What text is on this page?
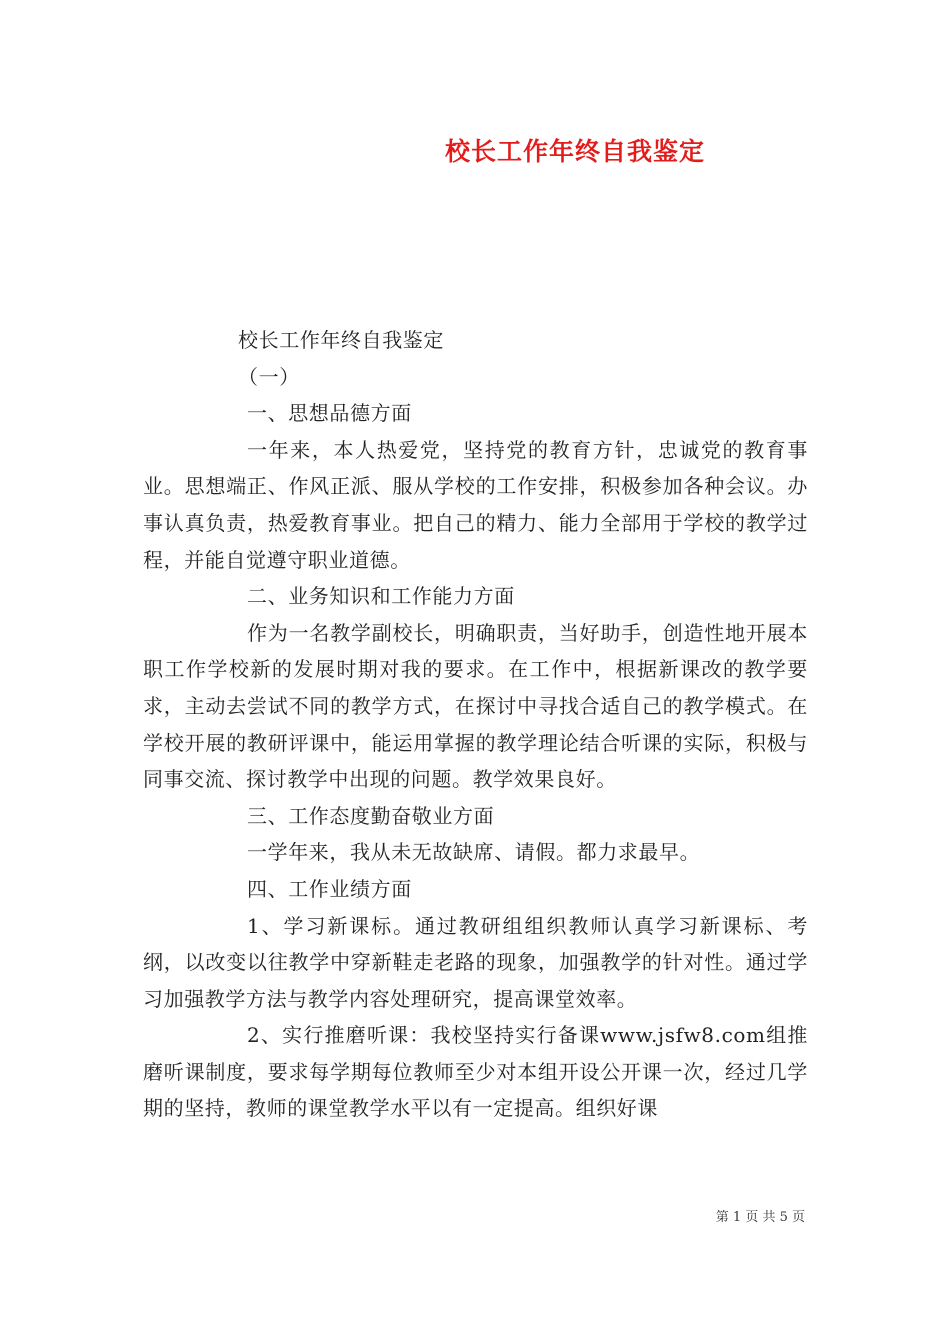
校长工作年终自我鉴定

校长工作年终自我鉴定

（一）

一、思想品德方面

一年来，本人热爱党，坚持党的教育方针，忠诚党的教育事业。思想端正、作风正派、服从学校的工作安排，积极参加各种会议。办事认真负责，热爱教育事业。把自己的精力、能力全部用于学校的教学过程，并能自觉遵守职业道德。

二、业务知识和工作能力方面

作为一名教学副校长，明确职责，当好助手，创造性地开展本职工作学校新的发展时期对我的要求。在工作中，根据新课改的教学要求，主动去尝试不同的教学方式，在探讨中寻找合适自己的教学模式。在学校开展的教研评课中，能运用掌握的教学理论结合听课的实际，积极与同事交流、探讨教学中出现的问题。教学效果良好。

三、工作态度勤奋敬业方面

一学年来，我从未无故缺席、请假。都力求最早。

四、工作业绩方面

1、学习新课标。通过教研组组织教师认真学习新课标、考纲，以改变以往教学中穿新鞋走老路的现象，加强教学的针对性。通过学习加强教学方法与教学内容处理研究，提高课堂效率。

2、实行推磨听课：我校坚持实行备课www.jsfw8.com组推磨听课制度，要求每学期每位教师至少对本组开设公开课一次，经过几学期的坚持，教师的课堂教学水平以有一定提高。组织好课

第 1 页 共 5 页
